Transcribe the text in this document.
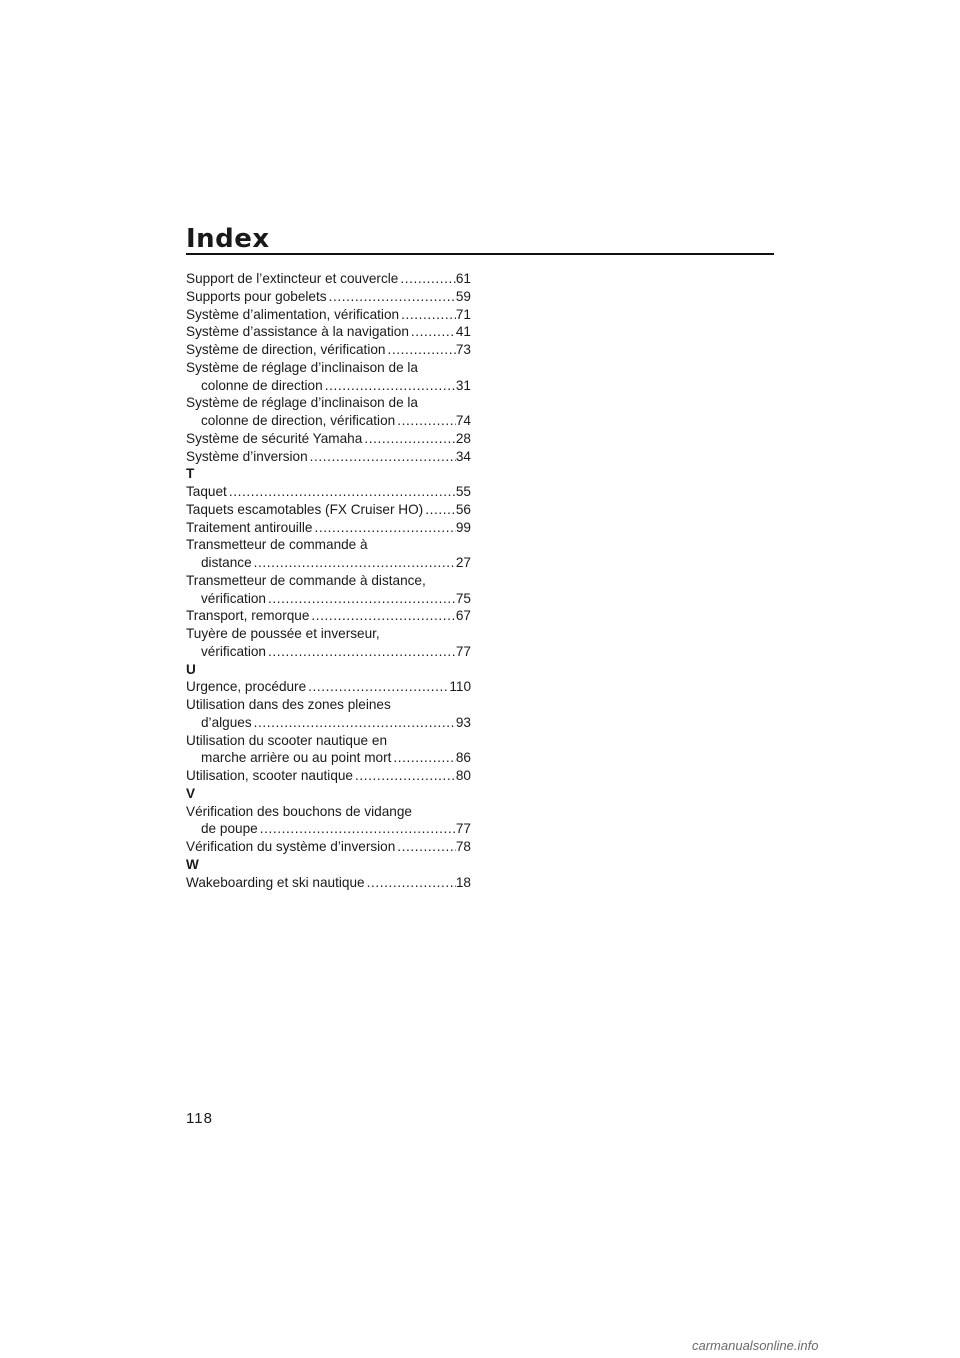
Index
Support de l’extincteur et couvercle .....	61
Supports pour gobelets .....	59
Système d’alimentation, vérification .....	71
Système d’assistance à la navigation .....	41
Système de direction, vérification .....	73
Système de réglage d’inclinaison de la
colonne de direction .....	31
Système de réglage d’inclinaison de la
colonne de direction, vérification .....	74
Système de sécurité Yamaha .....	28
Système d’inversion .....	34
T
Taquet .....	55
Taquets escamotables (FX Cruiser HO) ..... 56
Traitement antirouille .....	99
Transmetteur de commande à
distance .....	27
Transmetteur de commande à distance,
vérification .....	75
Transport, remorque .....	67
Tuyère de poussée et inverseur,
vérification .....	77
U
Urgence, procédure .....	110
Utilisation dans des zones pleines
d’algues .....	93
Utilisation du scooter nautique en
marche arrière ou au point mort .....	86
Utilisation, scooter nautique .....	80
V
Vérification des bouchons de vidange
de poupe .....	77
Vérification du système d’inversion .....	78
W
Wakeboarding et ski nautique .....	18
118
carmanualsonline.info
